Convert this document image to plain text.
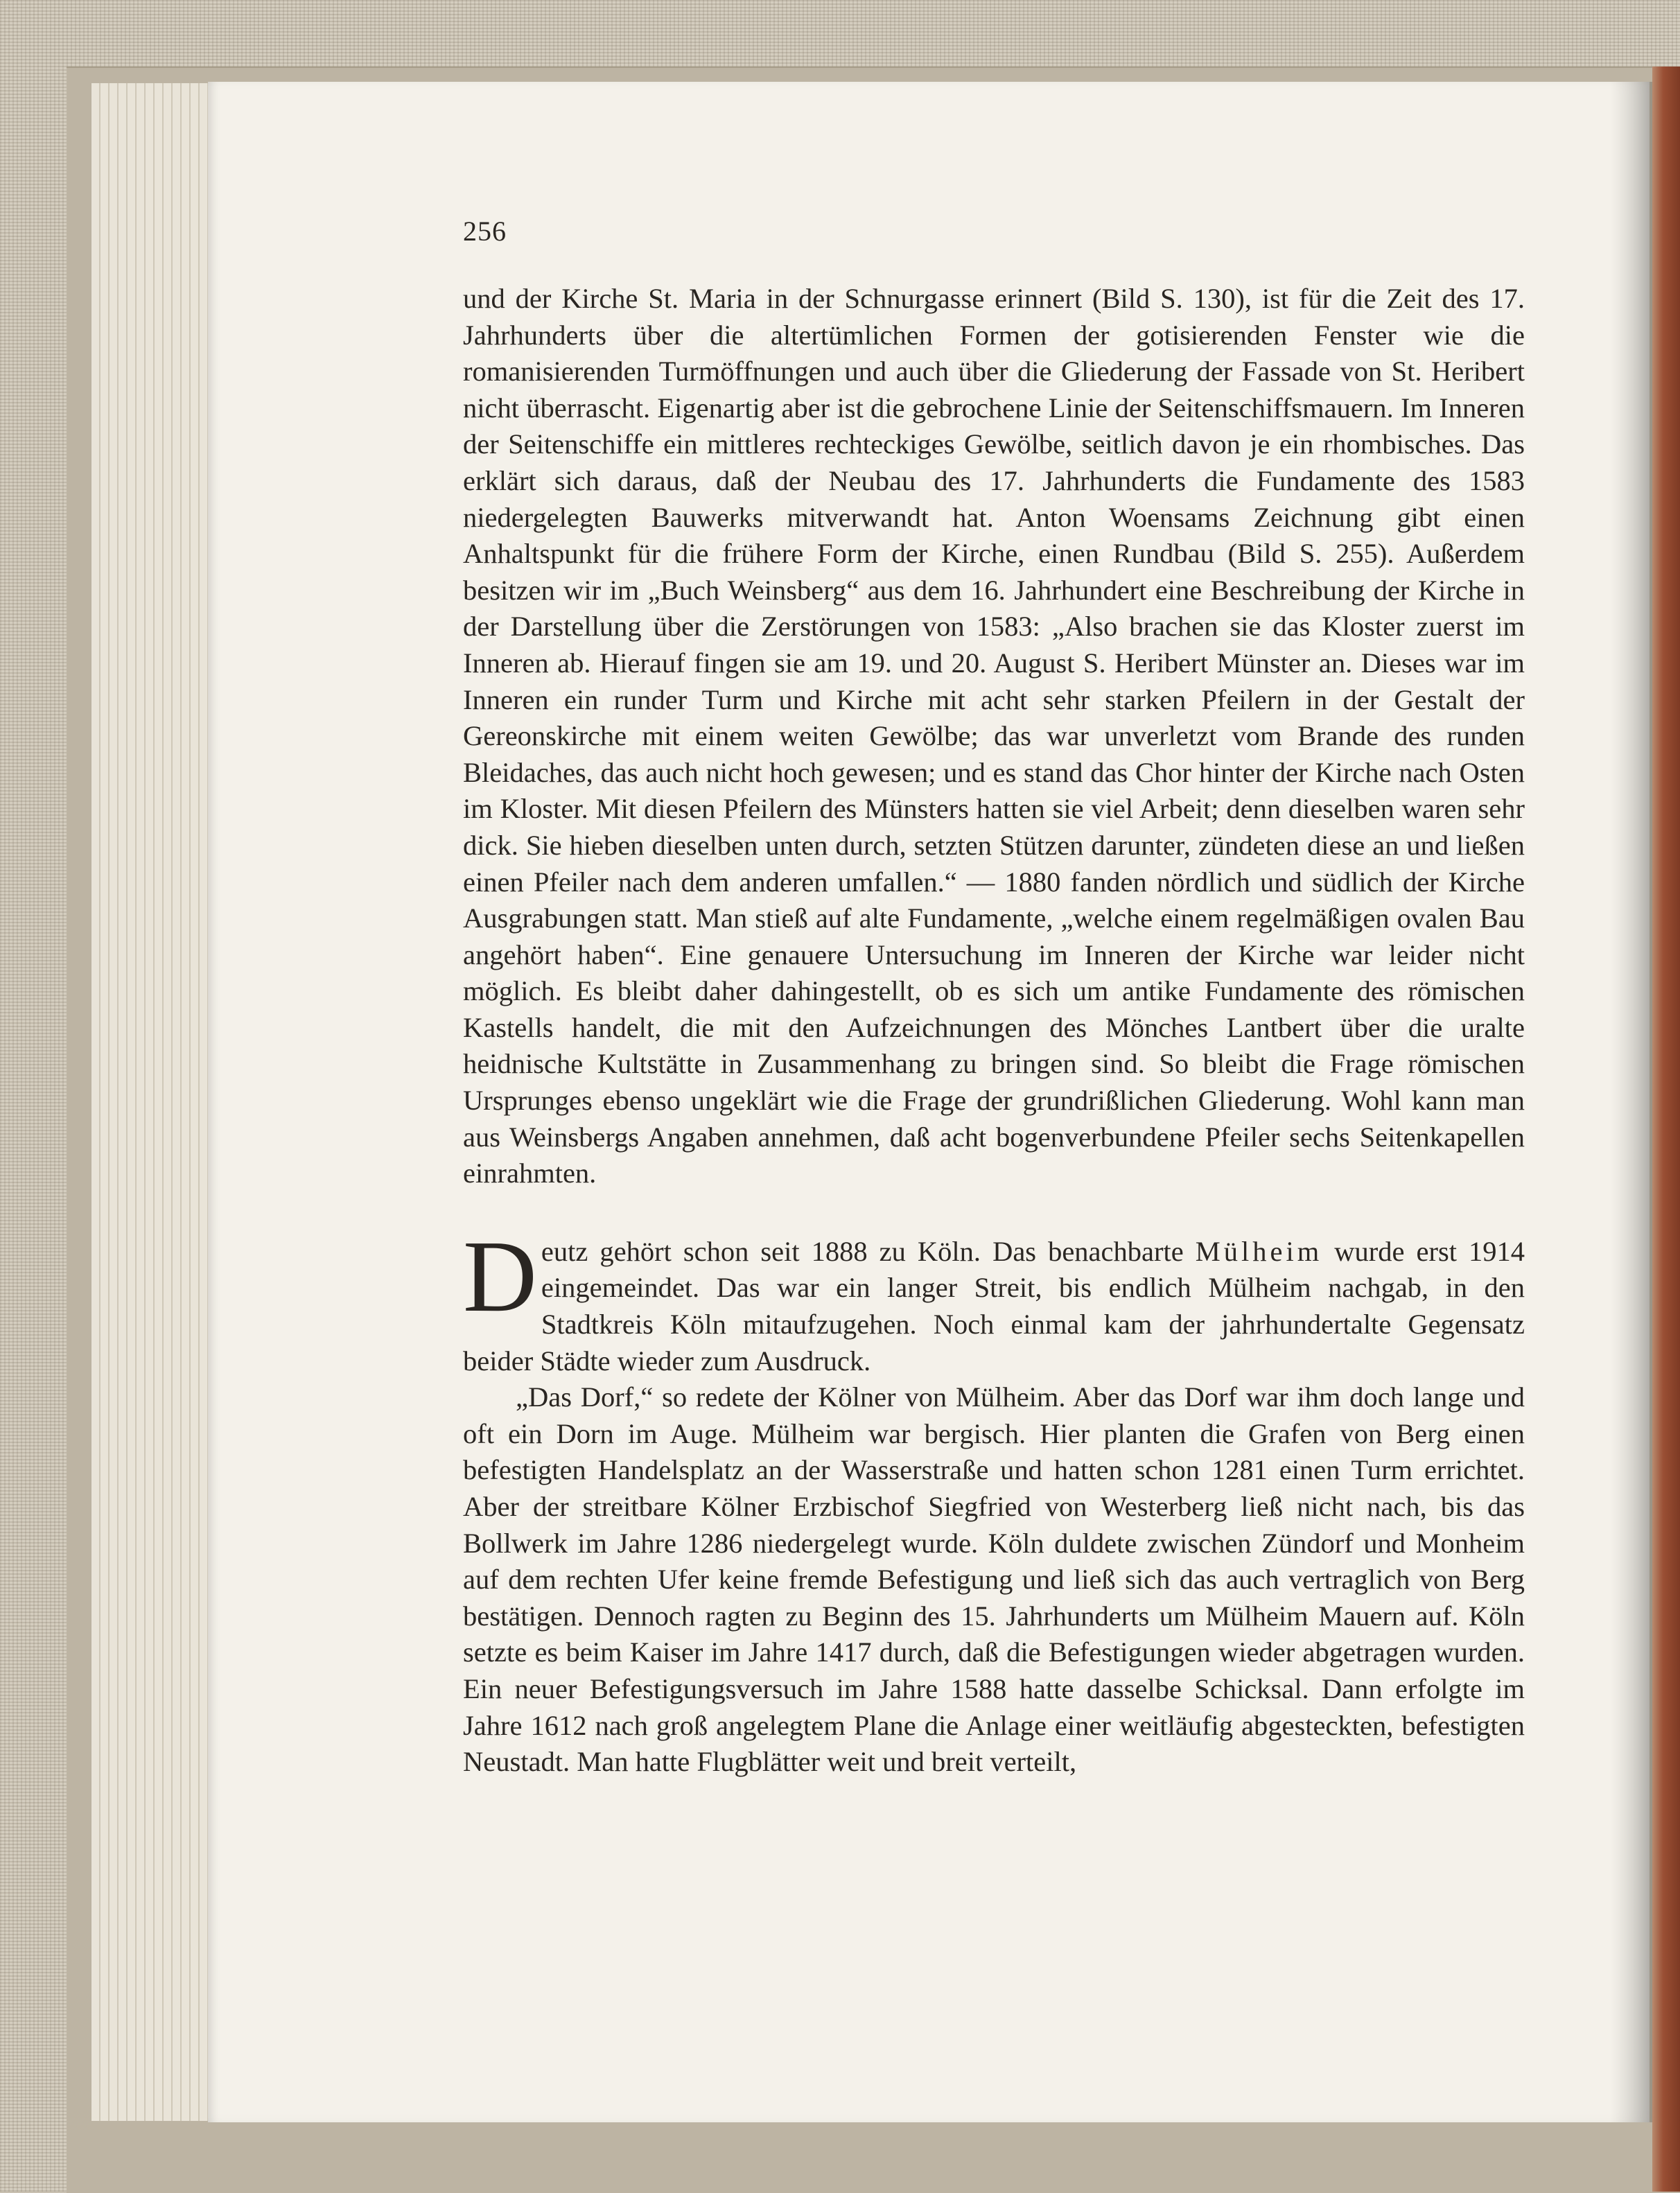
256

und der Kirche St. Maria in der Schnurgasse erinnert (Bild S. 130), ist für die Zeit des 17. Jahrhunderts über die altertümlichen Formen der gotisierenden Fenster wie die romanisierenden Turmöffnungen und auch über die Gliederung der Fassade von St. Heribert nicht überrascht. Eigenartig aber ist die gebrochene Linie der Seitenschiffsmauern. Im Inneren der Seitenschiffe ein mittleres rechteckiges Gewölbe, seitlich davon je ein rhombisches. Das erklärt sich daraus, daß der Neubau des 17. Jahrhunderts die Fundamente des 1583 niedergelegten Bauwerks mitverwandt hat. Anton Woensams Zeichnung gibt einen Anhaltspunkt für die frühere Form der Kirche, einen Rundbau (Bild S. 255). Außerdem besitzen wir im „Buch Weinsberg“ aus dem 16. Jahrhundert eine Beschreibung der Kirche in der Darstellung über die Zerstörungen von 1583: „Also brachen sie das Kloster zuerst im Inneren ab. Hierauf fingen sie am 19. und 20. August S. Heribert Münster an. Dieses war im Inneren ein runder Turm und Kirche mit acht sehr starken Pfeilern in der Gestalt der Gereonskirche mit einem weiten Gewölbe; das war unverletzt vom Brande des runden Bleidaches, das auch nicht hoch gewesen; und es stand das Chor hinter der Kirche nach Osten im Kloster. Mit diesen Pfeilern des Münsters hatten sie viel Arbeit; denn dieselben waren sehr dick. Sie hieben dieselben unten durch, setzten Stützen darunter, zündeten diese an und ließen einen Pfeiler nach dem anderen umfallen.“ — 1880 fanden nördlich und südlich der Kirche Ausgrabungen statt. Man stieß auf alte Fundamente, „welche einem regelmäßigen ovalen Bau angehört haben“. Eine genauere Untersuchung im Inneren der Kirche war leider nicht möglich. Es bleibt daher dahingestellt, ob es sich um antike Fundamente des römischen Kastells handelt, die mit den Aufzeichnungen des Mönches Lantbert über die uralte heidnische Kultstätte in Zusammenhang zu bringen sind. So bleibt die Frage römischen Ursprunges ebenso ungeklärt wie die Frage der grundrißlichen Gliederung. Wohl kann man aus Weinsbergs Angaben annehmen, daß acht bogenverbundene Pfeiler sechs Seitenkapellen einrahmten.

Deutz gehört schon seit 1888 zu Köln. Das benachbarte Mülheim wurde erst 1914 eingemeindet. Das war ein langer Streit, bis endlich Mülheim nachgab, in den Stadtkreis Köln mitaufzugehen. Noch einmal kam der jahrhundertalte Gegensatz beider Städte wieder zum Ausdruck.

„Das Dorf,“ so redete der Kölner von Mülheim. Aber das Dorf war ihm doch lange und oft ein Dorn im Auge. Mülheim war bergisch. Hier planten die Grafen von Berg einen befestigten Handelsplatz an der Wasserstraße und hatten schon 1281 einen Turm errichtet. Aber der streitbare Kölner Erzbischof Siegfried von Westerberg ließ nicht nach, bis das Bollwerk im Jahre 1286 niedergelegt wurde. Köln duldete zwischen Zündorf und Monheim auf dem rechten Ufer keine fremde Befestigung und ließ sich das auch vertraglich von Berg bestätigen. Dennoch ragten zu Beginn des 15. Jahrhunderts um Mülheim Mauern auf. Köln setzte es beim Kaiser im Jahre 1417 durch, daß die Befestigungen wieder abgetragen wurden. Ein neuer Befestigungsversuch im Jahre 1588 hatte dasselbe Schicksal. Dann erfolgte im Jahre 1612 nach groß angelegtem Plane die Anlage einer weitläufig abgesteckten, befestigten Neustadt. Man hatte Flugblätter weit und breit verteilt,
